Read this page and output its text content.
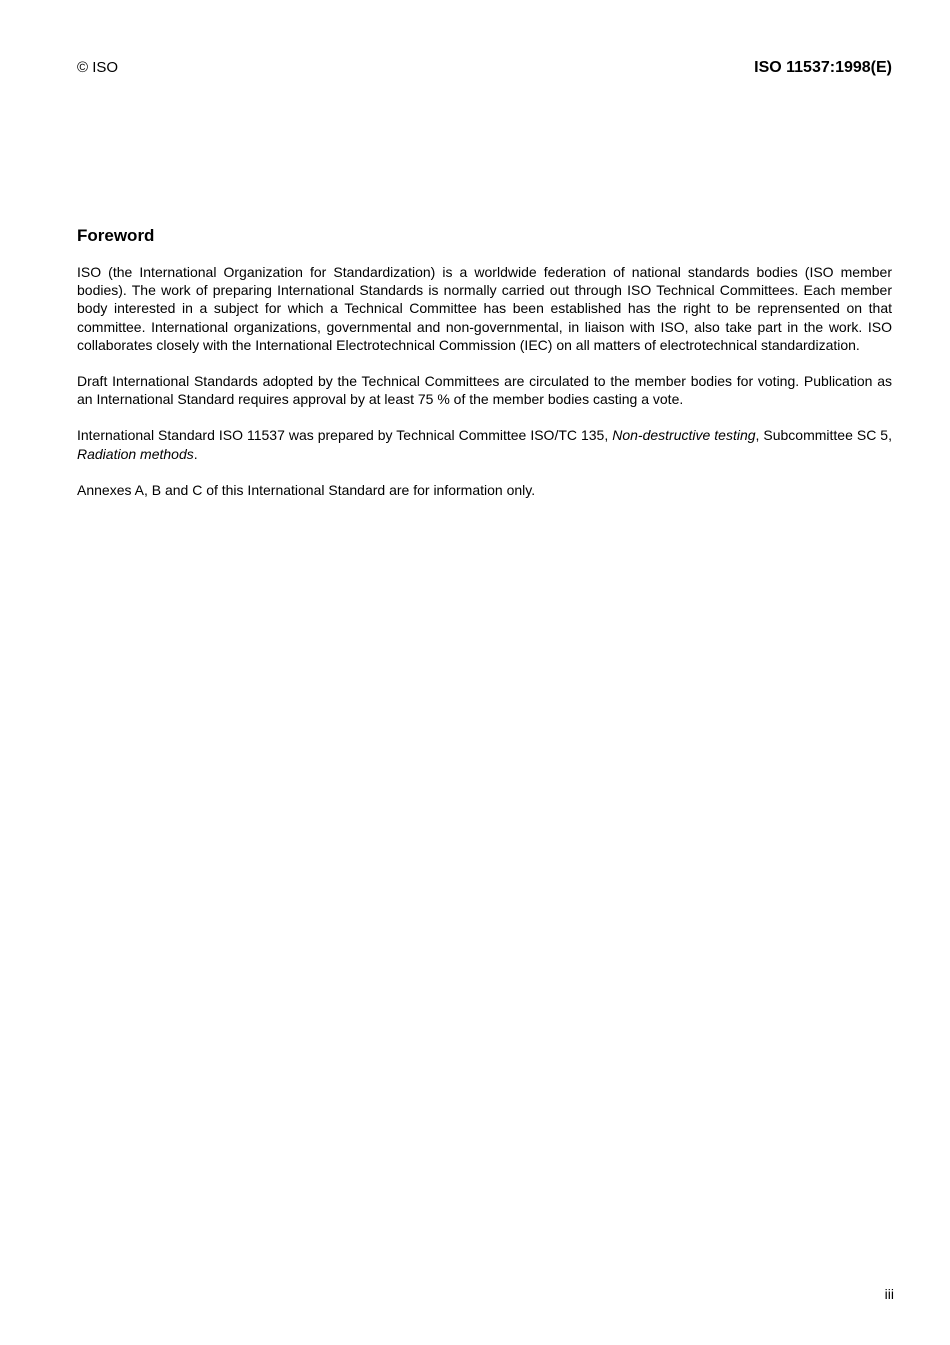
© ISO	ISO 11537:1998(E)
Foreword

ISO (the International Organization for Standardization) is a worldwide federation of national standards bodies (ISO member bodies). The work of preparing International Standards is normally carried out through ISO Technical Committees. Each member body interested in a subject for which a Technical Committee has been established has the right to be reprensented on that committee. International organizations, governmental and non-governmental, in liaison with ISO, also take part in the work. ISO collaborates closely with the International Electrotechnical Commission (IEC) on all matters of electrotechnical standardization.

Draft International Standards adopted by the Technical Committees are circulated to the member bodies for voting. Publication as an International Standard requires approval by at least 75 % of the member bodies casting a vote.

International Standard ISO 11537 was prepared by Technical Committee ISO/TC 135, Non-destructive testing, Subcommittee SC 5, Radiation methods.

Annexes A, B and C of this International Standard are for information only.

iii
